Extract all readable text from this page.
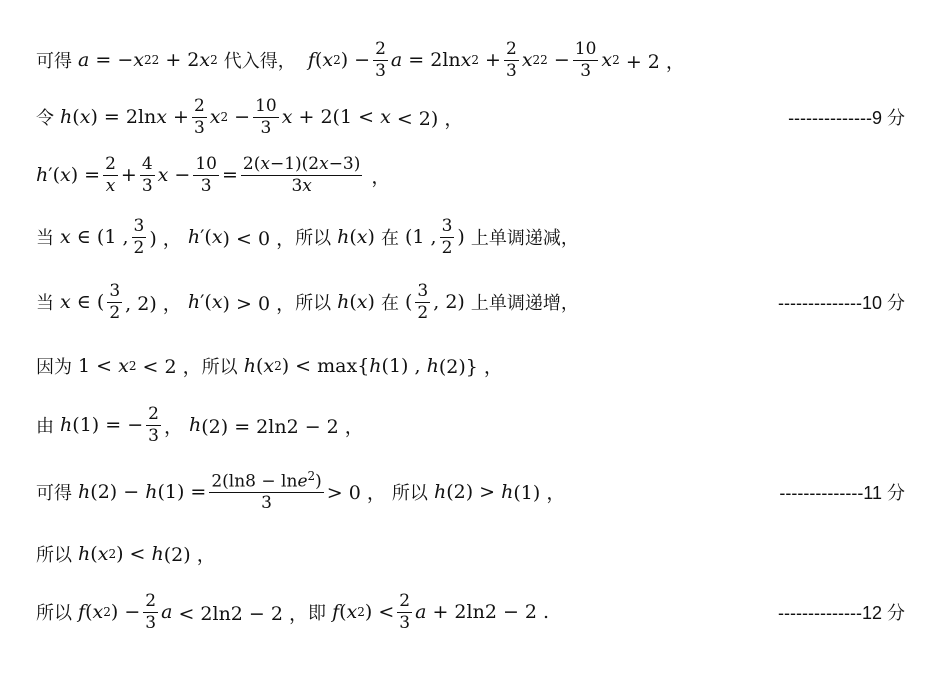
可得
a = − x 2 2 + 2 x 2
代入得，
f ( x 2 ) − $\frac{2}{3}$ a = 2ln x $2 + \frac{2}{3}$ x 2 $2 - \frac{10}{3}$ x 2 + 2 ，
令
h ( x ) = 2ln $x + \frac{2}{3}$ x $2 - \frac{10}{3}$ x + 2(1 < x < 2) ，	--------------9 分
h ′( x ) = $\frac{2}{x} + \frac{4}{3}$ $x - \frac{10}{3} = \frac{2(x-1)(2x-3)}{3x}$ ，
当
x ∈ (1 , $\frac{3}{2}$ ) ， h ′( x ) < 0 ， 所以
h ( x ) 在 (1 , $\frac{3}{2}$ ) 上单调递减，
当
x ∈ ( $\frac{3}{2}$ , 2) ， h ′( x ) > 0 ， 所以
h ( x ) 在 ( $\frac{3}{2}$ , 2) 上单调递增，	--------------10 分
因为 1 < x 2 < 2 ， 所以
h ( x 2 ) < max{ h (1) , h (2)} ，
由
h (1) = − $\frac{2}{3}$ ， h (2) = 2ln2 − 2 ，
可得
h (2) − h $(1) = \frac{2(\ln 8 - \ln e^2)}{3} > 0$ ， 所以
h (2) > h (1) ，	--------------11 分
所以
h ( x 2 ) < h (2) ，
所以
f ( x 2 ) − $\frac{2}{3}$ a < 2ln2 − 2 ， 即
f ( x 2 ) < $\frac{2}{3}$ a + 2ln2 − 2 .	--------------12 分
